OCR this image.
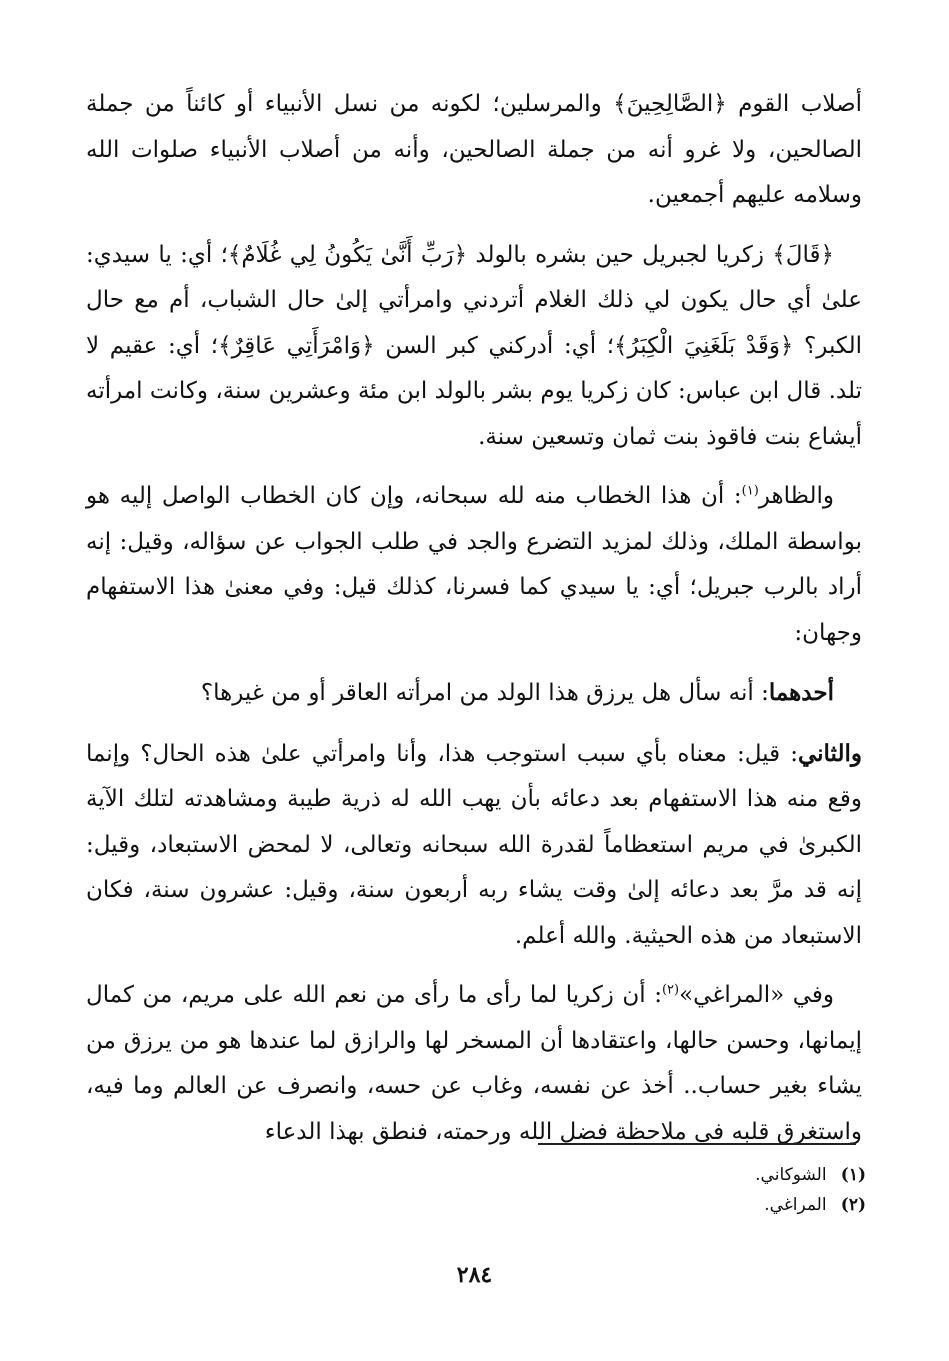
أصلاب القوم ﴿الصَّالِحِينَ﴾ والمرسلين؛ لكونه من نسل الأنبياء أو كائناً من جملة الصالحين، ولا غرو أنه من جملة الصالحين، وأنه من أصلاب الأنبياء صلوات الله وسلامه عليهم أجمعين.

﴿قَالَ﴾ زكريا لجبريل حين بشره بالولد ﴿رَبِّ أَنَّىٰ يَكُونُ لِي غُلَامٌ﴾؛ أي: يا سيدي: علىٰ أي حال يكون لي ذلك الغلام أتردني وامرأتي إلىٰ حال الشباب، أم مع حال الكبر؟ ﴿وَقَدْ بَلَغَنِيَ الْكِبَرُ﴾؛ أي: أدركني كبر السن ﴿وَامْرَأَتِي عَاقِرٌ﴾؛ أي: عقيم لا تلد. قال ابن عباس: كان زكريا يوم بشر بالولد ابن مئة وعشرين سنة، وكانت امرأته أيشاع بنت فاقوذ بنت ثمان وتسعين سنة.

والظاهر$^{(١)}$: أن هذا الخطاب منه لله سبحانه، وإن كان الخطاب الواصل إليه هو بواسطة الملك، وذلك لمزيد التضرع والجد في طلب الجواب عن سؤاله، وقيل: إنه أراد بالرب جبريل؛ أي: يا سيدي كما فسرنا، كذلك قيل: وفي معنىٰ هذا الاستفهام وجهان:

أحدهما: أنه سأل هل يرزق هذا الولد من امرأته العاقر أو من غيرها؟

والثاني: قيل: معناه بأي سبب استوجب هذا، وأنا وامرأتي علىٰ هذه الحال؟ وإنما وقع منه هذا الاستفهام بعد دعائه بأن يهب الله له ذرية طيبة ومشاهدته لتلك الآية الكبرىٰ في مريم استعظاماً لقدرة الله سبحانه وتعالى، لا لمحض الاستبعاد، وقيل: إنه قد مرَّ بعد دعائه إلىٰ وقت يشاء ربه أربعون سنة، وقيل: عشرون سنة، فكان الاستبعاد من هذه الحيثية. والله أعلم.

وفي «المراغي»$^{(٢)}$: أن زكريا لما رأى ما رأى من نعم الله على مريم، من كمال إيمانها، وحسن حالها، واعتقادها أن المسخر لها والرازق لما عندها هو من يرزق من يشاء بغير حساب.. أخذ عن نفسه، وغاب عن حسه، وانصرف عن العالم وما فيه، واستغرق قلبه في ملاحظة فضل الله ورحمته، فنطق بهذا الدعاء

(١) الشوكاني.
(٢) المراغي.
٢٨٤
